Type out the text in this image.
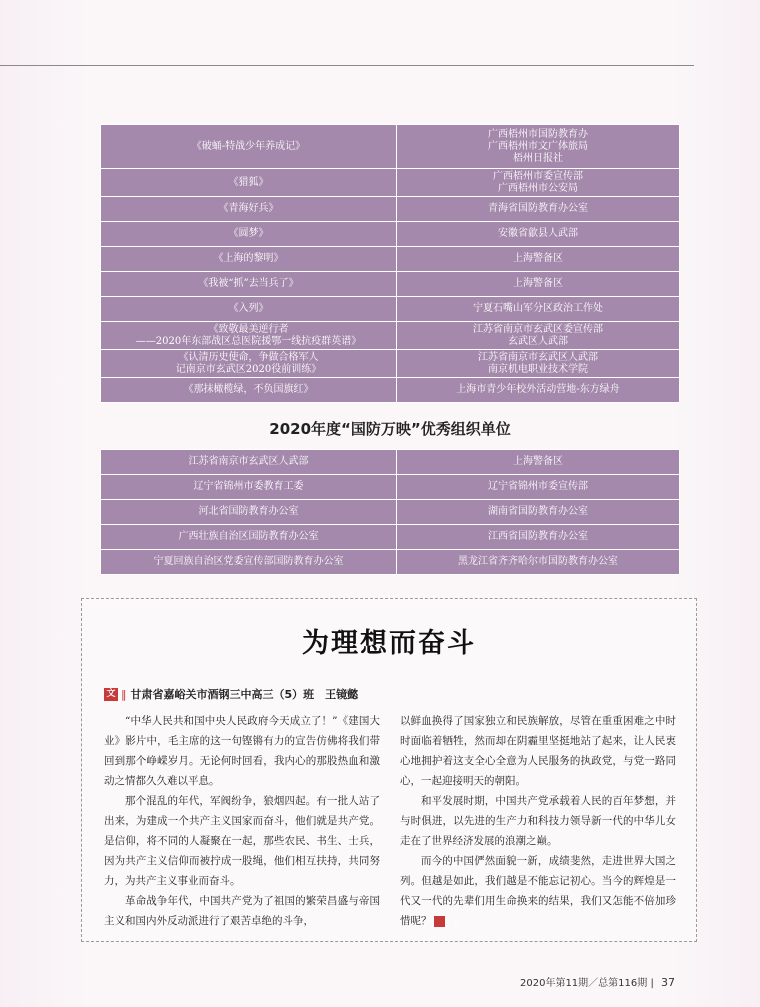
《破蛹-特战少年养成记》	广西梧州市国防教育办
广西梧州市文广体旅局
梧州日报社
《猎狐》	广西梧州市委宣传部
广西梧州市公安局
《青海好兵》	青海省国防教育办公室
《圆梦》	安徽省歙县人武部
《上海的黎明》	上海警备区
《我被“抓”去当兵了》	上海警备区
《入列》	宁夏石嘴山军分区政治工作处
《致敬最美逆行者
——2020年东部战区总医院援鄂一线抗疫群英谱》	江苏省南京市玄武区委宣传部
玄武区人武部
《认清历史使命，争做合格军人
记南京市玄武区2020役前训练》	江苏省南京市玄武区人武部
南京机电职业技术学院
《那抹橄榄绿，不负国旗红》	上海市青少年校外活动营地-东方绿舟
2020年度“国防万映”优秀组织单位
江苏省南京市玄武区人武部	上海警备区
辽宁省锦州市委教育工委	辽宁省锦州市委宣传部
河北省国防教育办公室	湖南省国防教育办公室
广西壮族自治区国防教育办公室	江西省国防教育办公室
宁夏回族自治区党委宣传部国防教育办公室	黑龙江省齐齐哈尔市国防教育办公室
为理想而奋斗
文 ‖ 甘肃省嘉峪关市酒钢三中高三（5）班　王镜懿

“中华人民共和国中央人民政府今天成立了！”《建国大业》影片中，毛主席的这一句铿锵有力的宣告仿佛将我们带回到那个峥嵘岁月。无论何时回看，我内心的那股热血和激动之情都久久难以平息。

那个混乱的年代，军阀纷争，狼烟四起。有一批人站了出来，为建成一个共产主义国家而奋斗，他们就是共产党。是信仰，将不同的人凝聚在一起，那些农民、书生、士兵，因为共产主义信仰而被拧成一股绳，他们相互扶持，共同努力，为共产主义事业而奋斗。

革命战争年代，中国共产党为了祖国的繁荣昌盛与帝国主义和国内外反动派进行了艰苦卓绝的斗争，

以鲜血换得了国家独立和民族解放，尽管在重重困难之中时时面临着牺牲，然而却在阴霾里坚挺地站了起来，让人民衷心地拥护着这支全心全意为人民服务的执政党，与党一路同心，一起迎接明天的朝阳。

和平发展时期，中国共产党承载着人民的百年梦想，并与时俱进，以先进的生产力和科技力领导新一代的中华儿女走在了世界经济发展的浪潮之巅。

而今的中国俨然面貌一新，成绩斐然，走进世界大国之列。但越是如此，我们越是不能忘记初心。当今的辉煌是一代又一代的先辈们用生命换来的结果，我们又怎能不倍加珍惜呢？	G

2020年第11期／总第116期 | 37
